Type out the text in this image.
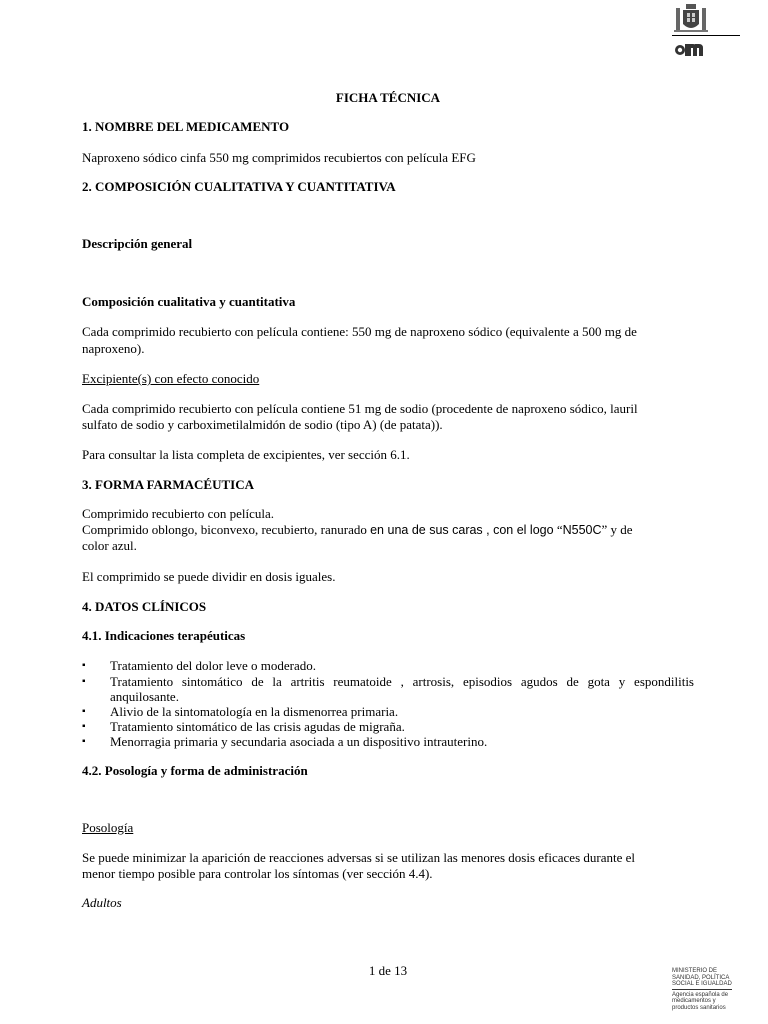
FICHA TÉCNICA
1. NOMBRE DEL MEDICAMENTO
Naproxeno sódico cinfa 550 mg comprimidos recubiertos con película EFG
2. COMPOSICIÓN CUALITATIVA Y CUANTITATIVA
Descripción general
Composición cualitativa y cuantitativa
Cada comprimido recubierto con película contiene: 550 mg de naproxeno sódico (equivalente a 500 mg de
naproxeno).
Excipiente(s) con efecto conocido
Cada comprimido recubierto con película contiene 51 mg de sodio (procedente de naproxeno sódico, lauril
sulfato de sodio y carboximetilalmidón de sodio (tipo A) (de patata)).
Para consultar la lista completa de excipientes, ver sección 6.1.
3. FORMA FARMACÉUTICA
Comprimido recubierto con película.
Comprimido oblongo, biconvexo, recubierto, ranurado en una de sus caras , con el logo “N550C” y de
color azul.
El comprimido se puede dividir en dosis iguales.
4. DATOS CLÍNICOS
4.1. Indicaciones terapéuticas
▪	Tratamiento del dolor leve o moderado.
▪	Tratamiento sintomático de la artritis reumatoide , artrosis, episodios agudos de gota y espondilitis
anquilosante.
▪	Alivio de la sintomatología en la dismenorrea primaria.
▪	Tratamiento sintomático de las crisis agudas de migraña.
▪	Menorragia primaria y secundaria asociada a un dispositivo intrauterino.
4.2. Posología y forma de administración
Posología
Se puede minimizar la aparición de reacciones adversas si se utilizan las menores dosis eficaces durante el
menor tiempo posible para controlar los síntomas (ver sección 4.4).
Adultos
1 de 13	MINISTERIO DE
SANIDAD, POLÍTICA
SOCIAL E IGUALDAD
Agencia española de
medicamentos y
productos sanitarios
